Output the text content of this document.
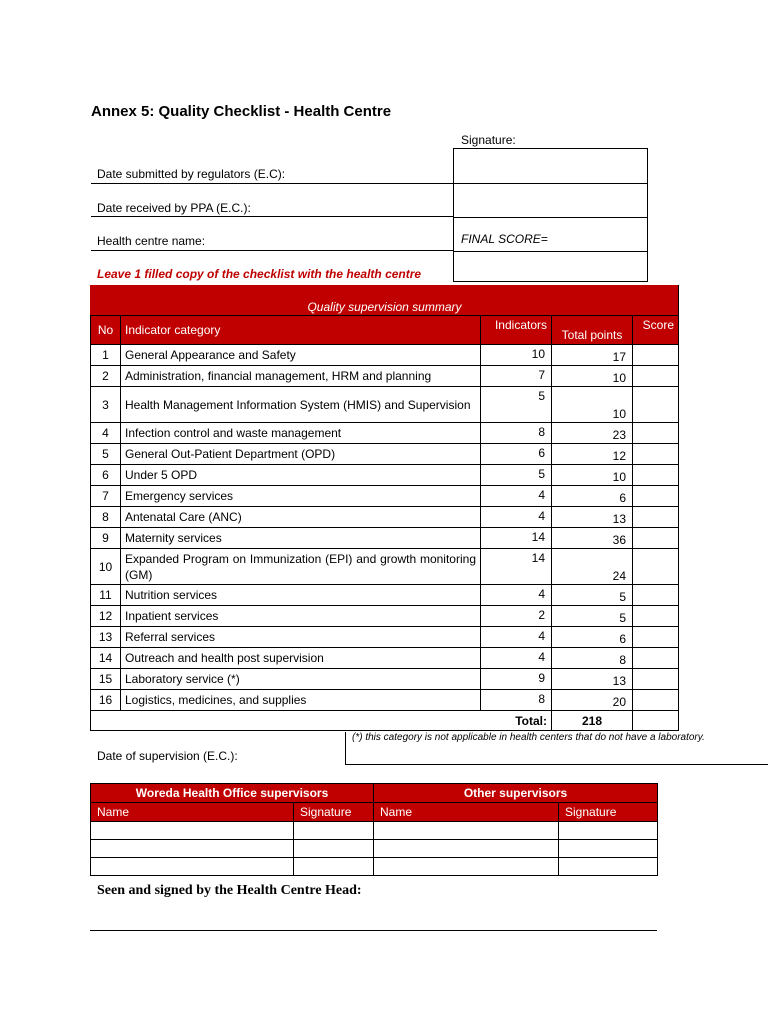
Annex 5: Quality Checklist - Health Centre
Signature:
Date submitted by regulators (E.C):
Date received by PPA (E.C.):
Health centre name:	FINAL SCORE=
Leave 1 filled copy of the checklist with the health centre
Quality supervision summary				
No	Indicator category	Indicators	Total points	Score
1	General Appearance and Safety	10	17	
2	Administration, financial management, HRM and planning	7	10	
3	Health Management Information System (HMIS) and Supervision	5	10	
4	Infection control and waste management	8	23	
5	General Out-Patient Department (OPD)	6	12	
6	Under 5 OPD	5	10	
7	Emergency services	4	6	
8	Antenatal Care (ANC)	4	13	
9	Maternity services	14	36	
10	Expanded Program on Immunization (EPI) and growth monitoring (GM)	14	24	
11	Nutrition services	4	5	
12	Inpatient services	2	5	
13	Referral services	4	6	
14	Outreach and health post supervision	4	8	
15	Laboratory service (*)	9	13	
16	Logistics, medicines, and supplies	8	20	
Total:			218	
(*) this category is not applicable in health centers that do not have a laboratory.
Date of supervision (E.C.):
Woreda Health Office supervisors		Other supervisors	
Name	Signature	Name	Signature

Seen and signed by the Health Centre Head:
